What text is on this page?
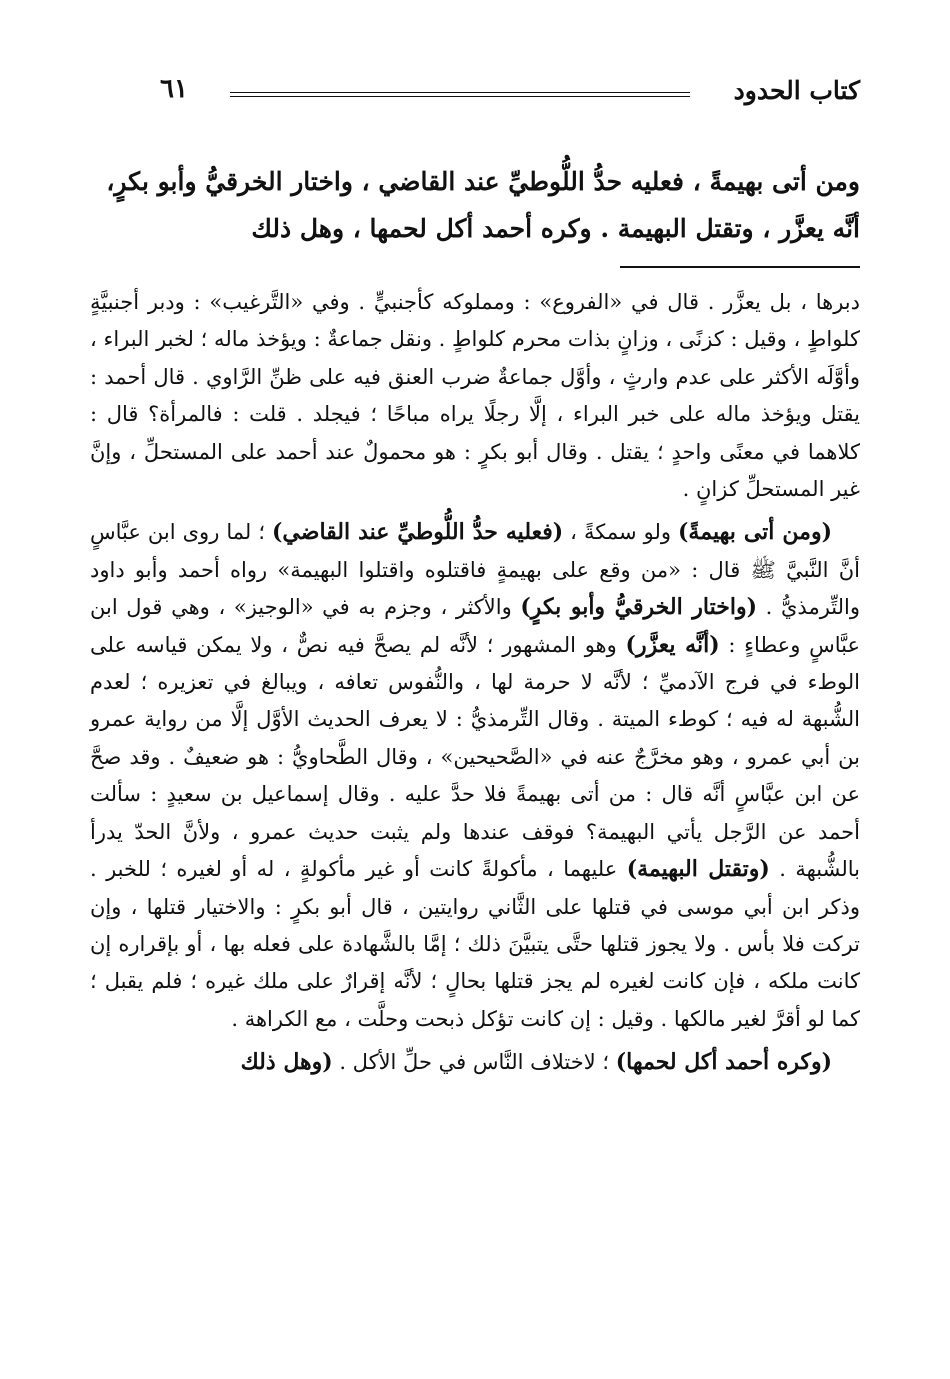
كتاب الحدود
٦١

ومن أتى بهيمةً ، فعليه حدُّ اللُّوطيِّ عند القاضي ، واختار الخرقيُّ وأبو بكرٍ،
أنَّه يعزَّر ، وتقتل البهيمة . وكره أحمد أكل لحمها ، وهل ذلك

دبرها ، بل يعزَّر . قال في «الفروع» : ومملوكه كأجنبيٍّ . وفي «التَّرغيب» : ودبر أجنبيَّةٍ كلواطٍ ، وقيل : كزنًى ، وزانٍ بذات محرم كلواطٍ . ونقل جماعةٌ : ويؤخذ ماله ؛ لخبر البراء ، وأوَّلَه الأكثر على عدم وارثٍ ، وأوَّل جماعةٌ ضرب العنق فيه على ظنِّ الرَّاوي . قال أحمد : يقتل ويؤخذ ماله على خبر البراء ، إلَّا رجلًا يراه مباحًا ؛ فيجلد . قلت : فالمرأة؟ قال : كلاهما في معنًى واحدٍ ؛ يقتل . وقال أبو بكرٍ : هو محمولٌ عند أحمد على المستحلِّ ، وإنَّ غير المستحلِّ كزانٍ .

(ومن أتى بهيمةً) ولو سمكةً ، (فعليه حدُّ اللُّوطيِّ عند القاضي) ؛ لما روى ابن عبَّاسٍ أنَّ النَّبيَّ ﷺ قال : «من وقع على بهيمةٍ فاقتلوه واقتلوا البهيمة» رواه أحمد وأبو داود والتِّرمذيُّ . (واختار الخرقيُّ وأبو بكرٍ) والأكثر ، وجزم به في «الوجيز» ، وهي قول ابن عبَّاسٍ وعطاءٍ : (أنَّه يعزَّر) وهو المشهور ؛ لأنَّه لم يصحَّ فيه نصٌّ ، ولا يمكن قياسه على الوطء في فرج الآدميِّ ؛ لأنَّه لا حرمة لها ، والنُّفوس تعافه ، ويبالغ في تعزيره ؛ لعدم الشُّبهة له فيه ؛ كوطء الميتة . وقال التِّرمذيُّ : لا يعرف الحديث الأوَّل إلَّا من رواية عمرو بن أبي عمرو ، وهو مخرَّجٌ عنه في «الصَّحيحين» ، وقال الطَّحاويُّ : هو ضعيفٌ . وقد صحَّ عن ابن عبَّاسٍ أنَّه قال : من أتى بهيمةً فلا حدَّ عليه . وقال إسماعيل بن سعيدٍ : سألت أحمد عن الرَّجل يأتي البهيمة؟ فوقف عندها ولم يثبت حديث عمرو ، ولأنَّ الحدّ يدرأ بالشُّبهة . (وتقتل البهيمة) عليهما ، مأكولةً كانت أو غير مأكولةٍ ، له أو لغيره ؛ للخبر . وذكر ابن أبي موسى في قتلها على الثَّاني روايتين ، قال أبو بكرٍ : والاختيار قتلها ، وإن تركت فلا بأس . ولا يجوز قتلها حتَّى يتبيَّنَ ذلك ؛ إمَّا بالشَّهادة على فعله بها ، أو بإقراره إن كانت ملكه ، فإن كانت لغيره لم يجز قتلها بحالٍ ؛ لأنَّه إقرارٌ على ملك غيره ؛ فلم يقبل ؛ كما لو أقرَّ لغير مالكها . وقيل : إن كانت تؤكل ذبحت وحلَّت ، مع الكراهة .

(وكره أحمد أكل لحمها) ؛ لاختلاف النَّاس في حلِّ الأكل . (وهل ذلك
